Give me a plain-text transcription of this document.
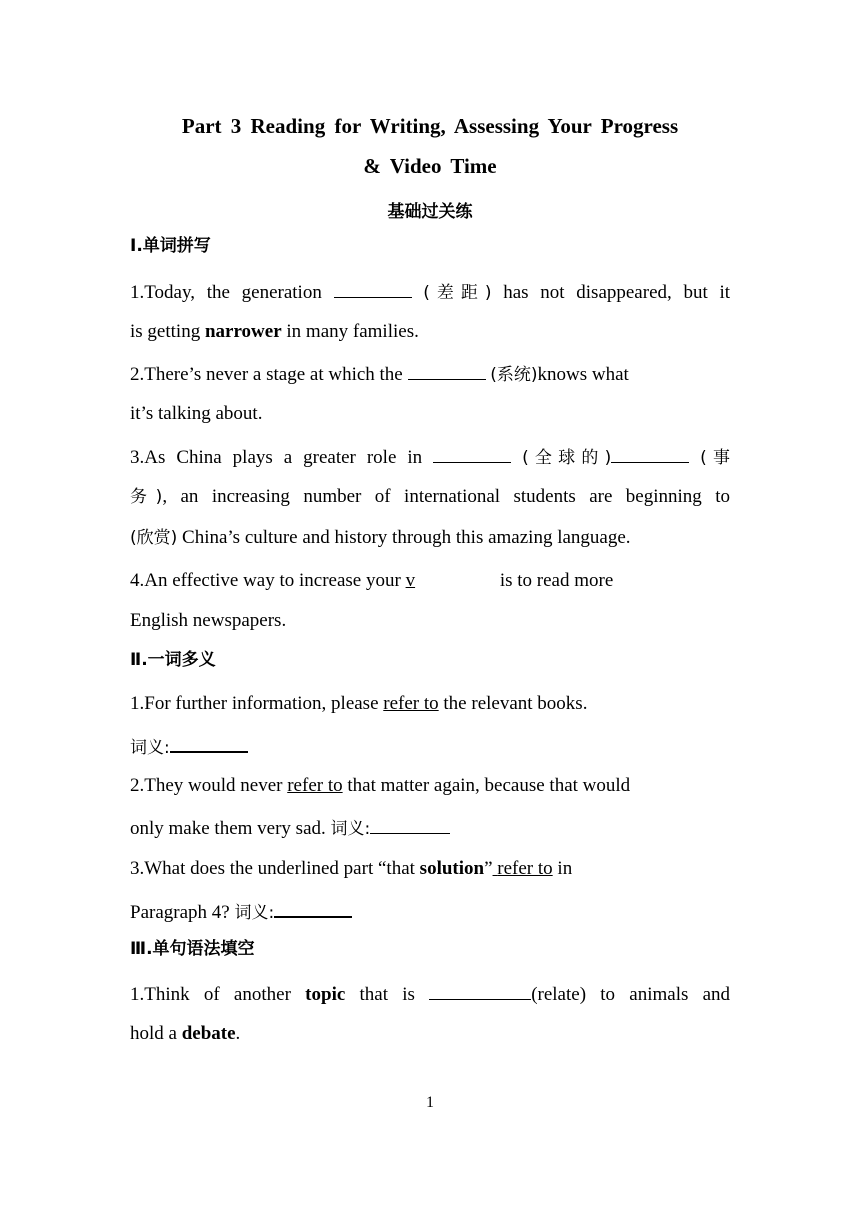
Part 3 Reading for Writing, Assessing Your Progress
& Video Time
基础过关练
Ⅰ.单词拼写
1.Today, the generation	(差距) has not disappeared, but it
is getting narrower in many families.
2.There’s never a stage at which the	(系统)knows what
it’s talking about.
3.As China plays a greater role in	(全球的)	(事
务), an increasing number of international students are beginning to
(欣赏) China’s culture and history through this amazing language.
4.An effective way to increase your v	is to read more
English newspapers.
Ⅱ.一词多义
1.For further information, please refer to the relevant books.
词义:
2.They would never refer to that matter again, because that would
only make them very sad. 词义:
3.What does the underlined part “that solution” refer to in
Paragraph 4? 词义:
Ⅲ.单句语法填空
1.Think of another topic that is	(relate) to animals and
hold a debate.
1
